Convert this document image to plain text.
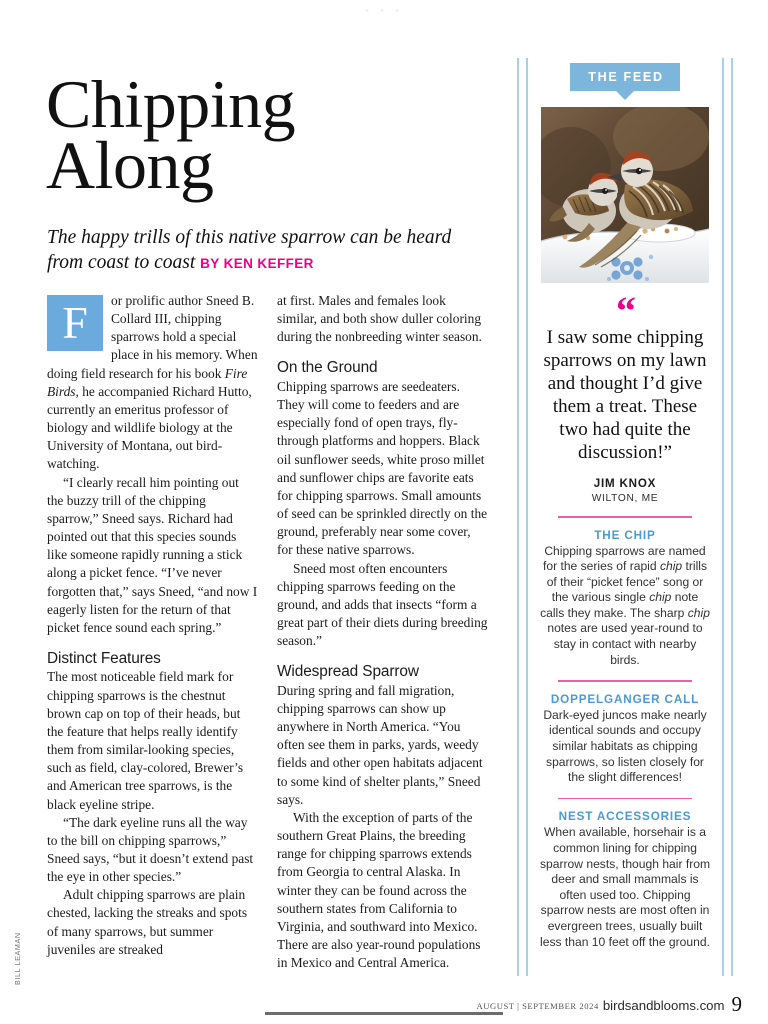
• • •
BILL LEAMAN
Chipping
Along
The happy trills of this native sparrow can be heard from coast to coast BY KEN KEFFER

F	or prolific author Sneed B. Collard III, chipping sparrows hold a special place in his memory. When doing field research for his book Fire Birds, he accompanied Richard Hutto, currently an emeritus professor of biology and wildlife biology at the University of Montana, out bird-watching.

“I clearly recall him pointing out the buzzy trill of the chipping sparrow,” Sneed says. Richard had pointed out that this species sounds like someone rapidly running a stick along a picket fence. “I’ve never forgotten that,” says Sneed, “and now I eagerly listen for the return of that picket fence sound each spring.”

Distinct Features

The most noticeable field mark for chipping sparrows is the chestnut brown cap on top of their heads, but the feature that helps really identify them from similar-looking species, such as field, clay-colored, Brewer’s and American tree sparrows, is the black eyeline stripe.

“The dark eyeline runs all the way to the bill on chipping sparrows,” Sneed says, “but it doesn’t extend past the eye in other species.”

Adult chipping sparrows are plain chested, lacking the streaks and spots of many sparrows, but summer juveniles are streaked

at first. Males and females look similar, and both show duller coloring during the nonbreeding winter season.

On the Ground

Chipping sparrows are seedeaters. They will come to feeders and are especially fond of open trays, fly-through platforms and hoppers. Black oil sunflower seeds, white proso millet and sunflower chips are favorite eats for chipping sparrows. Small amounts of seed can be sprinkled directly on the ground, preferably near some cover, for these native sparrows.

Sneed most often encounters chipping sparrows feeding on the ground, and adds that insects “form a great part of their diets during breeding season.”

Widespread Sparrow

During spring and fall migration, chipping sparrows can show up anywhere in North America. “You often see them in parks, yards, weedy fields and other open habitats adjacent to some kind of shelter plants,” Sneed says.

With the exception of parts of the southern Great Plains, the breeding range for chipping sparrows extends from Georgia to central Alaska. In winter they can be found across the southern states from California to Virginia, and southward into Mexico. There are also year-round populations in Mexico and Central America.

THE FEED
“
I saw some chipping sparrows on my lawn and thought I’d give them a treat. These two had quite the discussion!”
JIM KNOX
WILTON, ME
THE CHIP
Chipping sparrows are named for the series of rapid chip trills of their “picket fence” song or the various single chip note calls they make. The sharp chip notes are used year-round to stay in contact with nearby birds.
DOPPELGANGER CALL
Dark-eyed juncos make nearly identical sounds and occupy similar habitats as chipping sparrows, so listen closely for the slight differences!
NEST ACCESSORIES
When available, horsehair is a common lining for chipping sparrow nests, though hair from deer and small mammals is often used too. Chipping sparrow nests are most often in evergreen trees, usually built less than 10 feet off the ground.
AUGUST | SEPTEMBER 2024 birdsandblooms.com 9
